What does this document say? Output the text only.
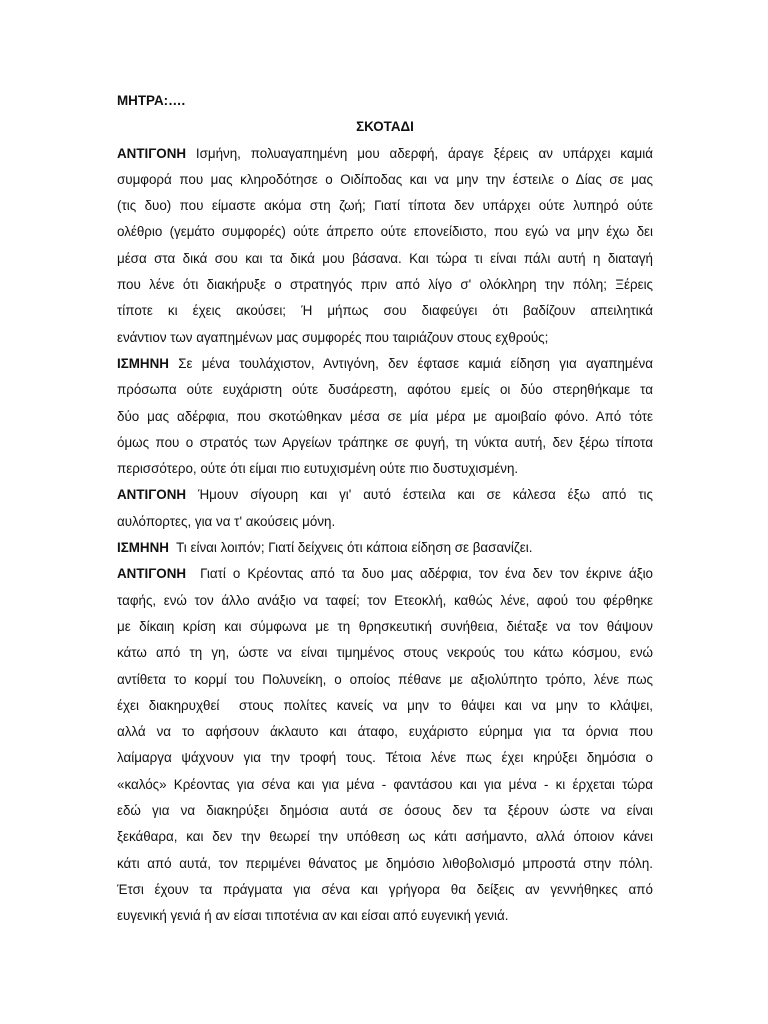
ΜΗΤΡΑ:….
ΣΚΟΤΑΔΙ
ΑΝΤΙΓΟΝΗ Ισμήνη, πολυαγαπημένη μου αδερφή, άραγε ξέρεις αν υπάρχει καμιά
συμφορά που μας κληροδότησε ο Οιδίποδας και να μην την έστειλε ο Δίας σε μας
(τις δυο) που είμαστε ακόμα στη ζωή; Γιατί τίποτα δεν υπάρχει ούτε λυπηρό ούτε
ολέθριο (γεμάτο συμφορές) ούτε άπρεπο ούτε επονείδιστο, που εγώ να μην έχω δει
μέσα στα δικά σου και τα δικά μου βάσανα. Και τώρα τι είναι πάλι αυτή η διαταγή
που λένε ότι διακήρυξε ο στρατηγός πριν από λίγο σ' ολόκληρη την πόλη; Ξέρεις
τίποτε κι έχεις ακούσει; Ή μήπως σου διαφεύγει ότι βαδίζουν απειλητικά
ενάντιον των αγαπημένων μας συμφορές που ταιριάζουν στους εχθρούς;
ΙΣΜΗΝΗ Σε μένα τουλάχιστον, Αντιγόνη, δεν έφτασε καμιά είδηση για αγαπημένα
πρόσωπα ούτε ευχάριστη ούτε δυσάρεστη, αφότου εμείς οι δύο στερηθήκαμε τα
δύο μας αδέρφια, που σκοτώθηκαν μέσα σε μία μέρα με αμοιβαίο φόνο. Από τότε
όμως που ο στρατός των Αργείων τράπηκε σε φυγή, τη νύκτα αυτή, δεν ξέρω τίποτα
περισσότερο, ούτε ότι είμαι πιο ευτυχισμένη ούτε πιο δυστυχισμένη.
ΑΝΤΙΓΟΝΗ Ήμουν σίγουρη και γι' αυτό έστειλα και σε κάλεσα έξω από τις
αυλόπορτες, για να τ' ακούσεις μόνη.
ΙΣΜΗΝΗ  Τι είναι λοιπόν; Γιατί δείχνεις ότι κάποια είδηση σε βασανίζει.
ΑΝΤΙΓΟΝΗ  Γιατί ο Κρέοντας από τα δυο μας αδέρφια, τον ένα δεν τον έκρινε άξιο
ταφής, ενώ τον άλλο ανάξιο να ταφεί; τον Ετεοκλή, καθώς λένε, αφού του φέρθηκε
με δίκαιη κρίση και σύμφωνα με τη θρησκευτική συνήθεια, διέταξε να τον θάψουν
κάτω από τη γη, ώστε να είναι τιμημένος στους νεκρούς του κάτω κόσμου, ενώ
αντίθετα το κορμί του Πολυνείκη, ο οποίος πέθανε με αξιολύπητο τρόπο, λένε πως
έχει διακηρυχθεί  στους πολίτες κανείς να μην το θάψει και να μην το κλάψει,
αλλά να το αφήσουν άκλαυτο και άταφο, ευχάριστο εύρημα για τα όρνια που
λαίμαργα ψάχνουν για την τροφή τους. Τέτοια λένε πως έχει κηρύξει δημόσια ο
«καλός» Κρέοντας για σένα και για μένα - φαντάσου και για μένα - κι έρχεται τώρα
εδώ για να διακηρύξει δημόσια αυτά σε όσους δεν τα ξέρουν ώστε να είναι
ξεκάθαρα, και δεν την θεωρεί την υπόθεση ως κάτι ασήμαντο, αλλά όποιον κάνει
κάτι από αυτά, τον περιμένει θάνατος με δημόσιο λιθοβολισμό μπροστά στην πόλη.
Έτσι έχουν τα πράγματα για σένα και γρήγορα θα δείξεις αν γεννήθηκες από
ευγενική γενιά ή αν είσαι τιποτένια αν και είσαι από ευγενική γενιά.
